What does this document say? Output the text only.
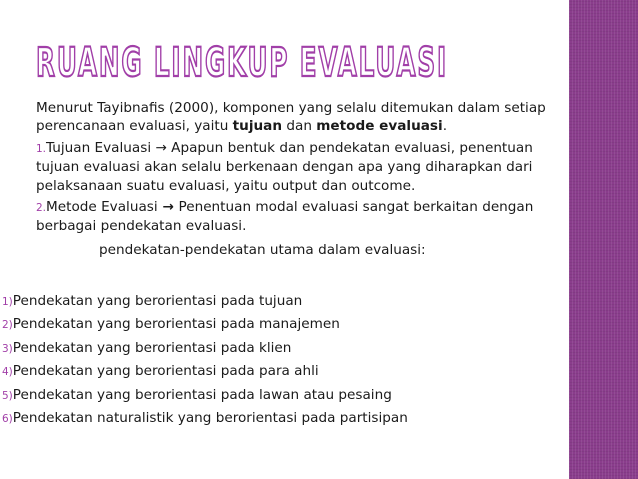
RUANG LINGKUP EVALUASI

Menurut Tayibnafis (2000), komponen yang selalu ditemukan dalam setiap perencanaan evaluasi, yaitu tujuan dan metode evaluasi.

1.Tujuan Evaluasi → Apapun bentuk dan pendekatan evaluasi, penentuan tujuan evaluasi akan selalu berkenaan dengan apa yang diharapkan dari pelaksanaan suatu evaluasi, yaitu output dan outcome.

2.Metode Evaluasi → Penentuan modal evaluasi sangat berkaitan dengan berbagai pendekatan evaluasi.

pendekatan-pendekatan utama dalam evaluasi:

1)Pendekatan yang berorientasi pada tujuan
2)Pendekatan yang berorientasi pada manajemen
3)Pendekatan yang berorientasi pada klien
4)Pendekatan yang berorientasi pada para ahli
5)Pendekatan yang berorientasi pada lawan atau pesaing
6)Pendekatan naturalistik yang berorientasi pada partisipan
